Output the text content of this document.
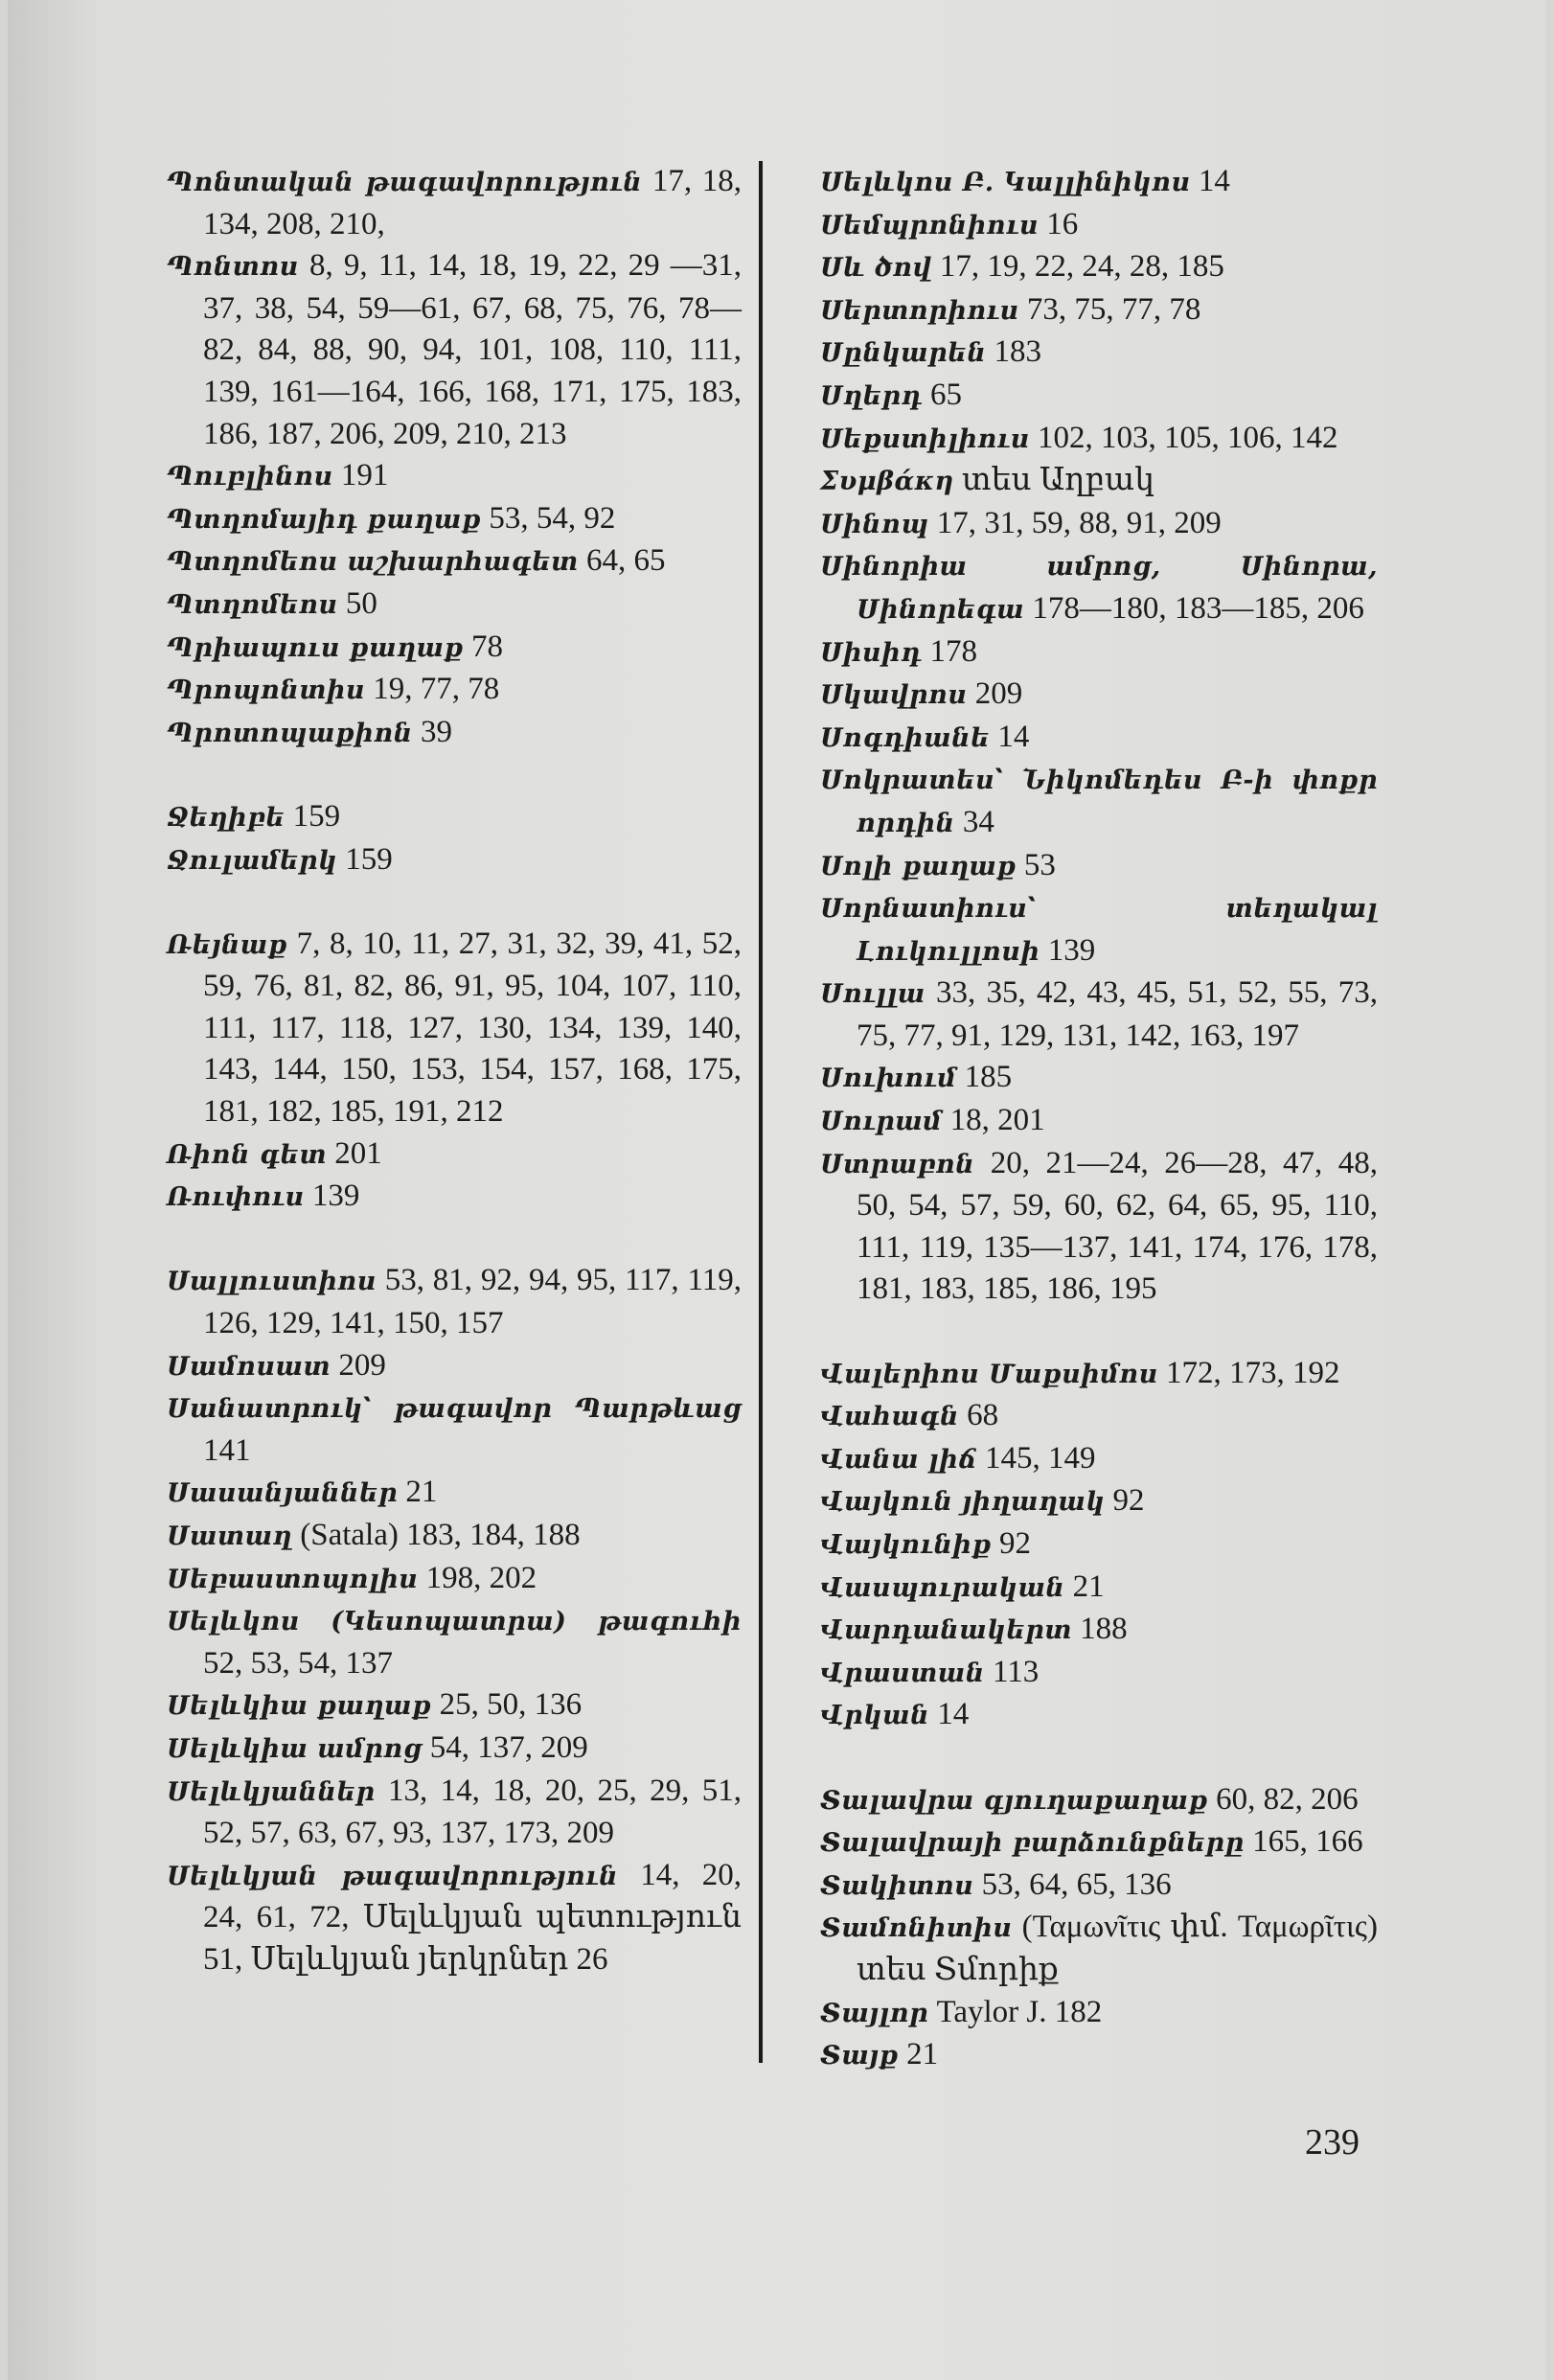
Պոնտական թագավորություն 17, 18, 134, 208, 210,
Պոնտոս 8, 9, 11, 14, 18, 19, 22, 29 —31, 37, 38, 54, 59—61, 67, 68, 75, 76, 78—82, 84, 88, 90, 94, 101, 108, 110, 111, 139, 161—164, 166, 168, 171, 175, 183, 186, 187, 206, 209, 210, 213
Պուբլինոս 191
Պտղոմայիդ քաղաք 53, 54, 92
Պտղոմեոս աշխարհագետ 64, 65
Պտղոմեոս 50
Պրիապուս քաղաք 78
Պրոպոնտիս 19, 77, 78
Պրոտոպաքիոն 39
Ջեղիբե 159
Ջուլամերկ 159
Ռեյնաք 7, 8, 10, 11, 27, 31, 32, 39, 41, 52, 59, 76, 81, 82, 86, 91, 95, 104, 107, 110, 111, 117, 118, 127, 130, 134, 139, 140, 143, 144, 150, 153, 154, 157, 168, 175, 181, 182, 185, 191, 212
Ռիոն գետ 201
Ռուփուս 139
Սալլուստիոս 53, 81, 92, 94, 95, 117, 119, 126, 129, 141, 150, 157
Սամոսատ 209
Սանատրուկ՝ թագավոր Պարթևաց 141
Սասանյաններ 21
Սատաղ (Satala) 183, 184, 188
Սեբաստոպոլիս 198, 202
Սելևկոս (Կեսոպատրա) թագուհի 52, 53, 54, 137
Սելևկիա քաղաք 25, 50, 136
Սելևկիա ամրոց 54, 137, 209
Սելևկյաններ 13, 14, 18, 20, 25, 29, 51, 52, 57, 63, 67, 93, 137, 173, 209
Սելևկյան թագավորություն 14, 20, 24, 61, 72, Սելևկյան պետություն 51, Սելևկյան յերկրներ 26
Սելևկոս Բ. Կալլինիկոս 14
Սեմպրոնիուս 16
Սև ծով 17, 19, 22, 24, 28, 185
Սերտորիուս 73, 75, 77, 78
Սընկարեն 183
Սղերդ 65
Սեքստիլիուս 102, 103, 105, 106, 142
Συμβάκη տես Աղբակ
Սինոպ 17, 31, 59, 88, 91, 209
Սինորիա ամրոց, Սինորա, Սինորեգա 178—180, 183—185, 206
Սիսիդ 178
Սկավրոս 209
Սոգդիանե 14
Սոկրատես՝ Նիկոմեդես Բ-ի փոքր որդին 34
Սոլի քաղաք 53
Սորնատիուս՝ տեղակալ Լուկուլլոսի 139
Սուլլա 33, 35, 42, 43, 45, 51, 52, 55, 73, 75, 77, 91, 129, 131, 142, 163, 197
Սուխում 185
Սուրամ 18, 201
Ստրաբոն 20, 21—24, 26—28, 47, 48, 50, 54, 57, 59, 60, 62, 64, 65, 95, 110, 111, 119, 135—137, 141, 174, 176, 178, 181, 183, 185, 186, 195
Վալերիոս Մաքսիմոս 172, 173, 192
Վահագն 68
Վանա լիճ 145, 149
Վայկուն յիղաղակ 92
Վայկունիք 92
Վասպուրական 21
Վարդանակերտ 188
Վրաստան 113
Վրկան 14
Տալավրա գյուղաքաղաք 60, 82, 206
Տալավրայի բարձունքները 165, 166
Տակիտոս 53, 64, 65, 136
Տամոնիտիս (Ταμωνῖτις փմ. Ταμωρῖτις) տես Տմորիք
Տայլոր Taylor J. 182
Տայք 21
239
